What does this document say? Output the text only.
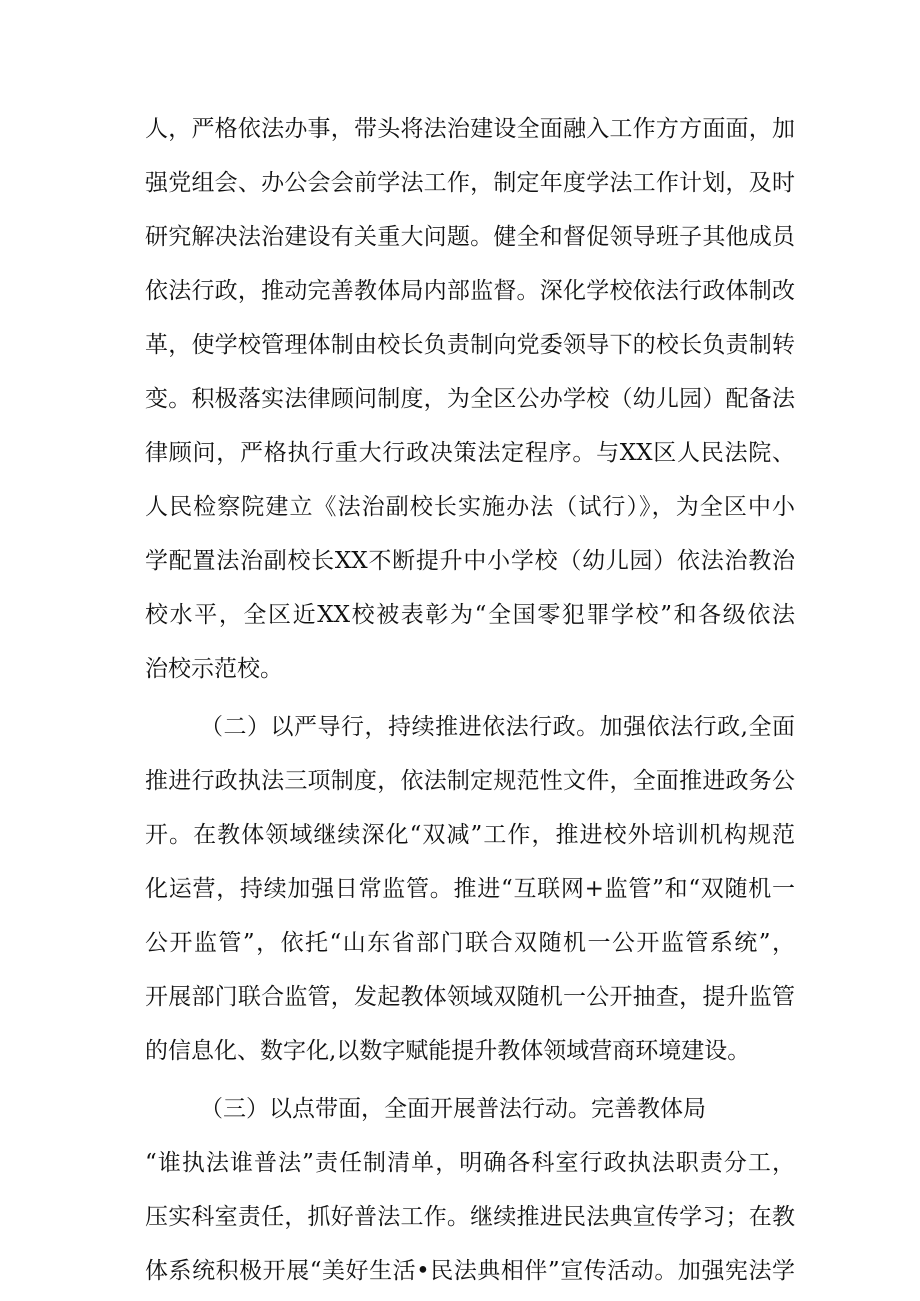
人，严格依法办事，带头将法治建设全面融入工作方方面面，加
强党组会、办公会会前学法工作，制定年度学法工作计划，及时
研究解决法治建设有关重大问题。健全和督促领导班子其他成员
依法行政，推动完善教体局内部监督。深化学校依法行政体制改
革，使学校管理体制由校长负责制向党委领导下的校长负责制转
变。积极落实法律顾问制度，为全区公办学校（幼儿园）配备法
律顾问，严格执行重大行政决策法定程序。与XX区人民法院、
人民检察院建立《法治副校长实施办法（试行）》，为全区中小
学配置法治副校长XX不断提升中小学校（幼儿园）依法治教治
校水平，全区近XX校被表彰为“全国零犯罪学校”和各级依法
治校示范校。
（二）以严导行，持续推进依法行政。加强依法行政,全面
推进行政执法三项制度，依法制定规范性文件，全面推进政务公
开。在教体领域继续深化“双减”工作，推进校外培训机构规范
化运营，持续加强日常监管。推进“互联网+监管”和“双随机一
公开监管”，依托“山东省部门联合双随机一公开监管系统”，
开展部门联合监管，发起教体领域双随机一公开抽查，提升监管
的信息化、数字化,以数字赋能提升教体领域营商环境建设。
（三）以点带面，全面开展普法行动。完善教体局
“谁执法谁普法”责任制清单，明确各科室行政执法职责分工，
压实科室责任，抓好普法工作。继续推进民法典宣传学习；在教
体系统积极开展“美好生活•民法典相伴”宣传活动。加强宪法学
